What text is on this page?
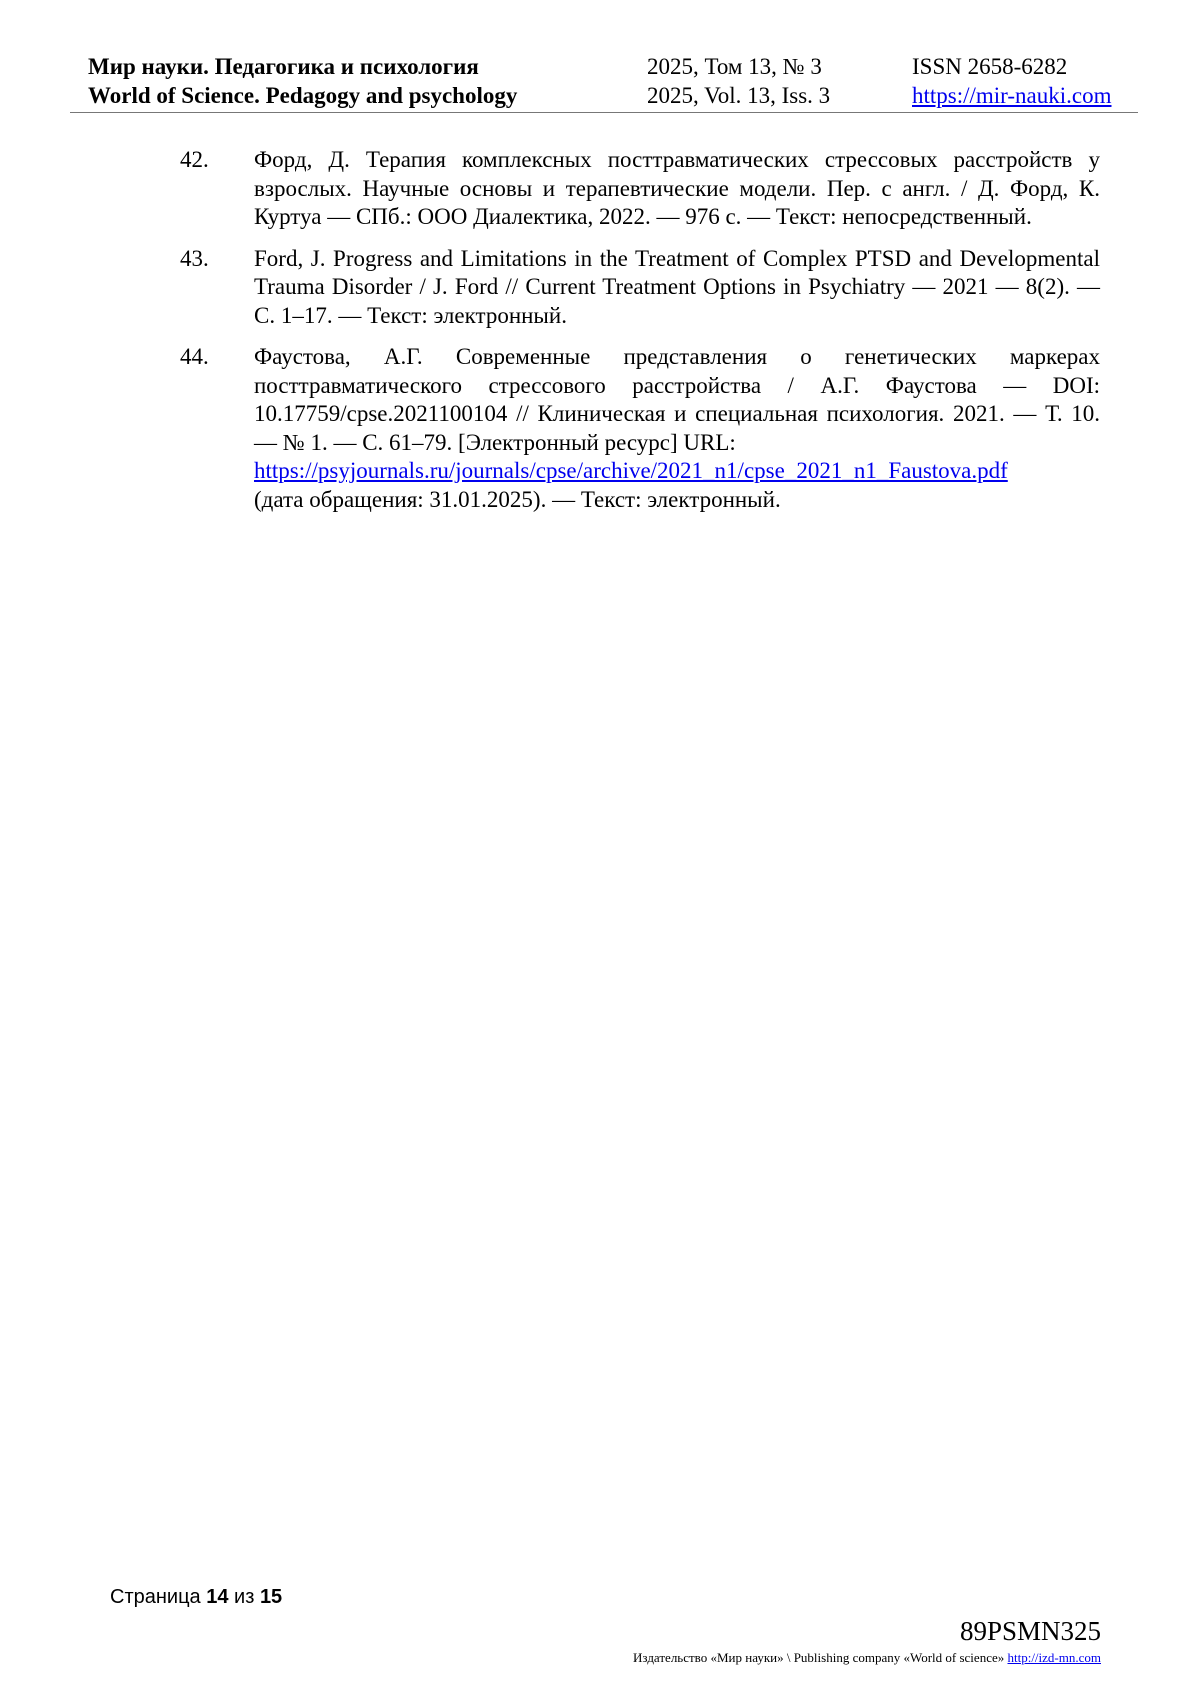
Мир науки. Педагогика и психология
World of Science. Pedagogy and psychology
2025, Том 13, № 3
2025, Vol. 13, Iss. 3
ISSN 2658-6282
https://mir-nauki.com
42. Форд, Д. Терапия комплексных посттравматических стрессовых расстройств у взрослых. Научные основы и терапевтические модели. Пер. с англ. / Д. Форд, К. Куртуа — СПб.: ООО Диалектика, 2022. — 976 с. — Текст: непосредственный.
43. Ford, J. Progress and Limitations in the Treatment of Complex PTSD and Developmental Trauma Disorder / J. Ford // Current Treatment Options in Psychiatry — 2021 — 8(2). — С. 1–17. — Текст: электронный.
44. Фаустова, А.Г. Современные представления о генетических маркерах посттравматического стрессового расстройства / А.Г. Фаустова — DOI: 10.17759/cpse.2021100104 // Клиническая и специальная психология. 2021. — Т. 10. — № 1. — С. 61–79. [Электронный ресурс] URL:
https://psyjournals.ru/journals/cpse/archive/2021_n1/cpse_2021_n1_Faustova.pdf
(дата обращения: 31.01.2025). — Текст: электронный.
Страница 14 из 15
89PSMN325
Издательство «Мир науки» \ Publishing company «World of science» http://izd-mn.com
